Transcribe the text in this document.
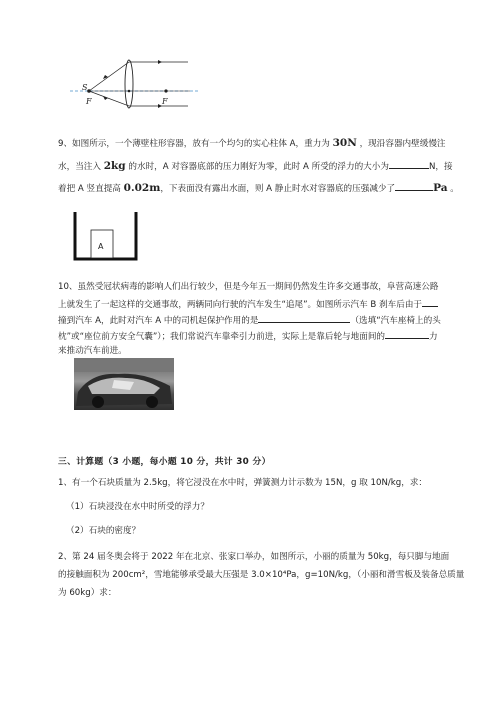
S
F	F
9、如图所示，一个薄壁柱形容器，放有一个均匀的实心柱体 A，重力为 30N ，现沿容器内壁缓慢注
水，当注入 2kg 的水时，A 对容器底部的压力刚好为零，此时 A 所受的浮力的大小为	N，接
着把 A 竖直提高 0.02m，下表面没有露出水面，则 A 静止时水对容器底的压强减少了	Pa 。
A
10、虽然受冠状病毒的影响人们出行较少，但是今年五一期间仍然发生许多交通事故，阜营高速公路
上就发生了一起这样的交通事故，两辆同向行驶的汽车发生“追尾”。如图所示汽车 B 刹车后由于
撞到汽车 A，此时对汽车 A 中的司机起保护作用的是	（选填“汽车座椅上的头
枕”或“座位前方安全气囊”）；我们常说汽车靠牵引力前进，实际上是靠后轮与地面间的	力
来推动汽车前进。
三、计算题（3 小题，每小题 10 分，共计 30 分）
1、有一个石块质量为 2.5kg，将它浸没在水中时，弹簧测力计示数为 15N，g 取 10N/kg，求：
（1）石块浸没在水中时所受的浮力？
（2）石块的密度？
2、第 24 届冬奥会将于 2022 年在北京、张家口举办，如图所示，小丽的质量为 50kg，每只脚与地面
的接触面积为 200cm²，雪地能够承受最大压强是 3.0×10⁴Pa，g=10N/kg，（小丽和滑雪板及装备总质量
为 60kg）求：
